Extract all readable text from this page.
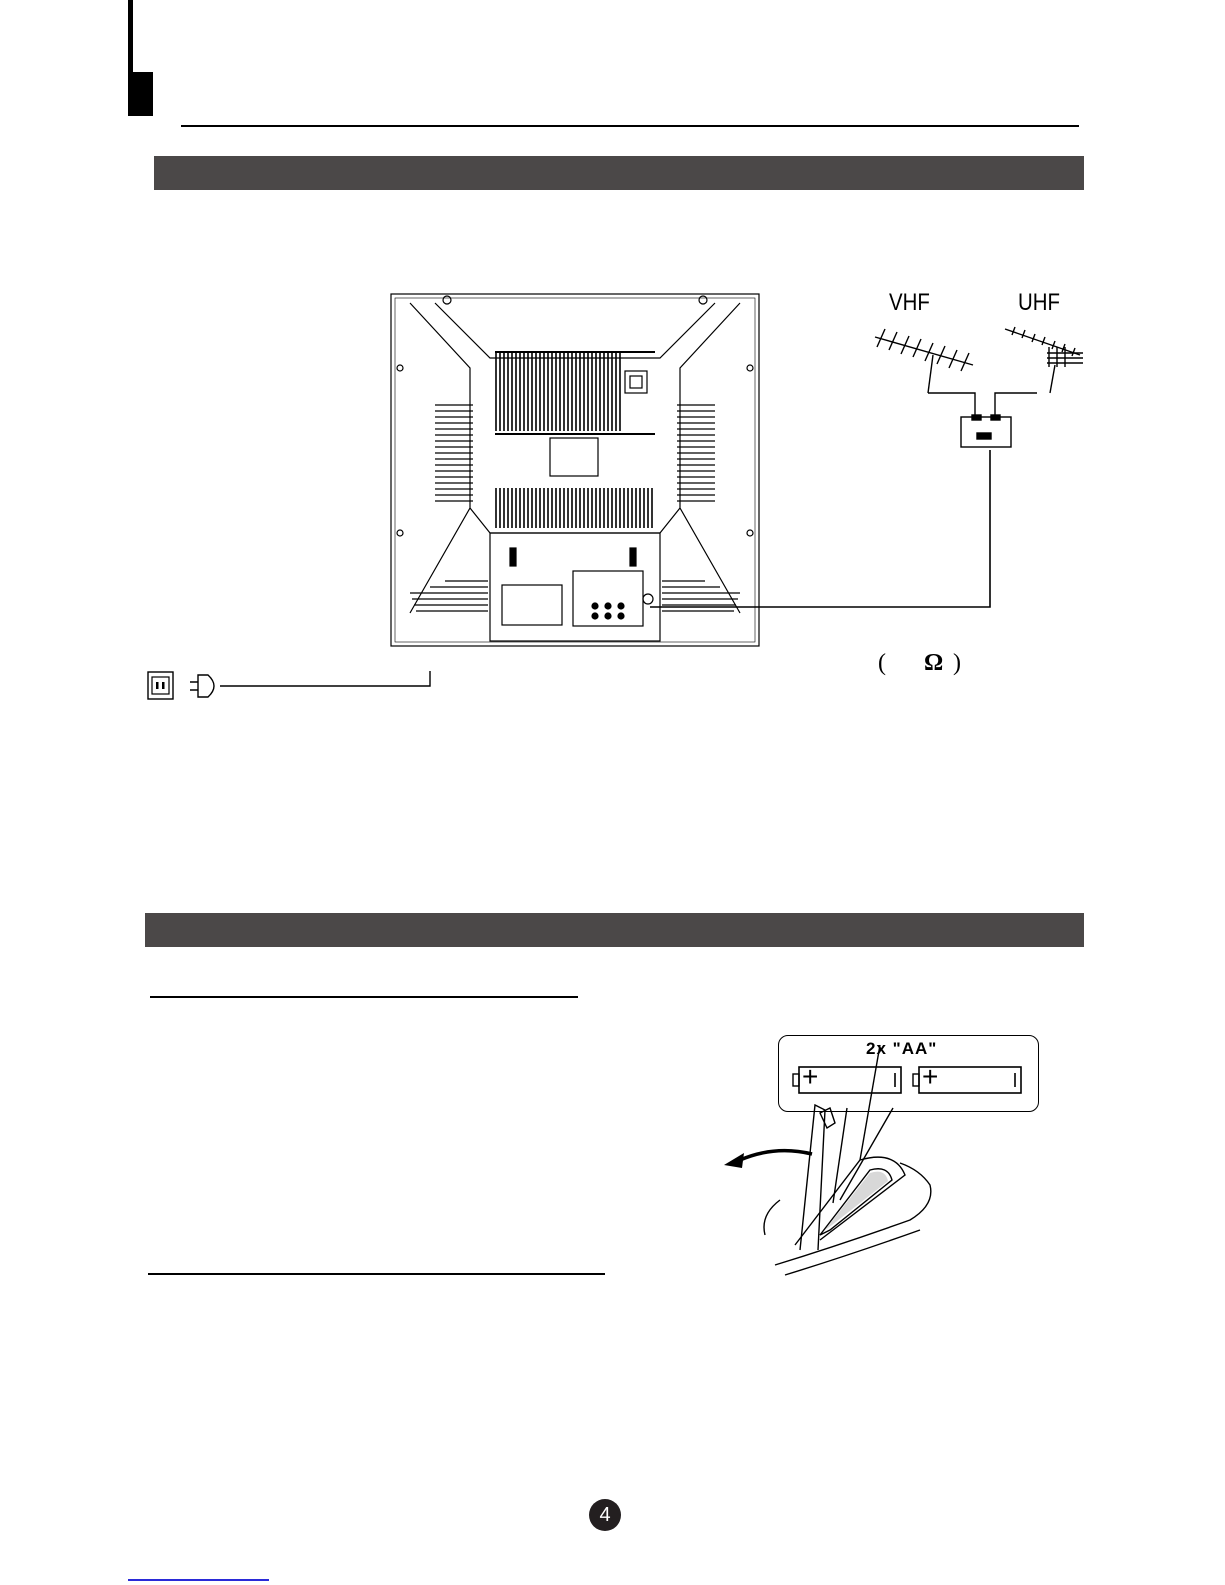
VHF	UHF
( Ω )
2x "AA"
+	+
4
